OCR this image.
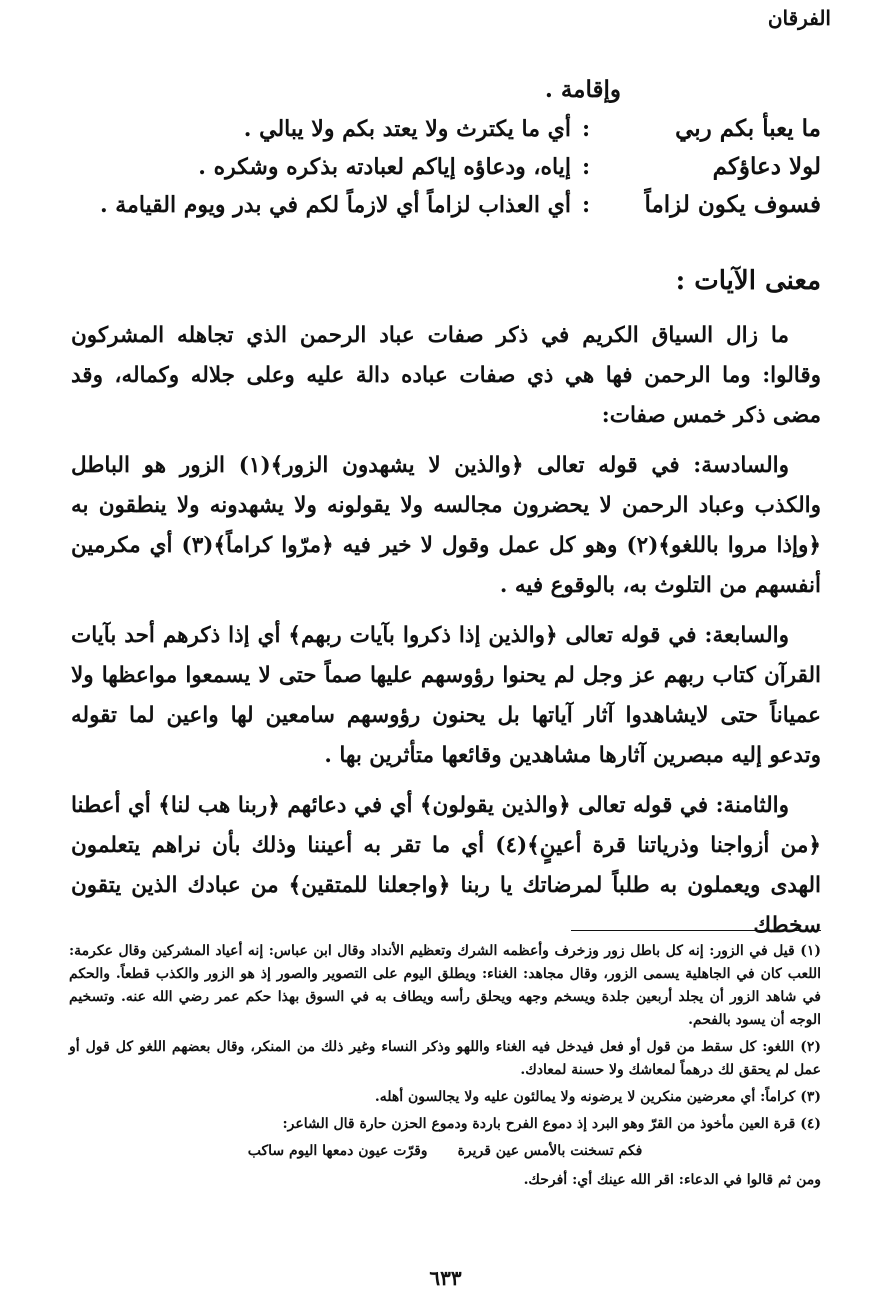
الفرقان
وإقامة .
ما يعبأ بكم ربي
:
أي ما يكترث ولا يعتد بكم ولا يبالي .
لولا دعاؤكم
:
إياه، ودعاؤه إياكم لعبادته بذكره وشكره .
فسوف يكون لزاماً
:
أي العذاب لزاماً أي لازماً لكم في بدر ويوم القيامة .
معنى الآيات :

ما زال السياق الكريم في ذكر صفات عباد الرحمن الذي تجاهله المشركون وقالوا: وما الرحمن فها هي ذي صفات عباده دالة عليه وعلى جلاله وكماله، وقد مضى ذكر خمس صفات:

والسادسة: في قوله تعالى ﴿والذين لا يشهدون الزور﴾(١) الزور هو الباطل والكذب وعباد الرحمن لا يحضرون مجالسه ولا يقولونه ولا يشهدونه ولا ينطقون به ﴿وإذا مروا باللغو﴾(٢) وهو كل عمل وقول لا خير فيه ﴿مرّوا كراماً﴾(٣) أي مكرمين أنفسهم من التلوث به، بالوقوع فيه .

والسابعة: في قوله تعالى ﴿والذين إذا ذكروا بآيات ربهم﴾ أي إذا ذكرهم أحد بآيات القرآن كتاب ربهم عز وجل لم يحنوا رؤوسهم عليها صماً حتى لا يسمعوا مواعظها ولا عمياناً حتى لايشاهدوا آثار آياتها بل يحنون رؤوسهم سامعين لها واعين لما تقوله وتدعو إليه مبصرين آثارها مشاهدين وقائعها متأثرين بها .

والثامنة: في قوله تعالى ﴿والذين يقولون﴾ أي في دعائهم ﴿ربنا هب لنا﴾ أي أعطنا ﴿من أزواجنا وذرياتنا قرة أعينٍ﴾(٤) أي ما تقر به أعيننا وذلك بأن نراهم يتعلمون الهدى ويعملون به طلباً لمرضاتك يا ربنا ﴿واجعلنا للمتقين﴾ من عبادك الذين يتقون سخطك

(١) قيل في الزور: إنه كل باطل زور وزخرف وأعظمه الشرك وتعظيم الأنداد وقال ابن عباس: إنه أعياد المشركين وقال عكرمة: اللعب كان في الجاهلية يسمى الزور، وقال مجاهد: الغناء: ويطلق اليوم على التصوير والصور إذ هو الزور والكذب قطعاً. والحكم في شاهد الزور أن يجلد أربعين جلدة ويسخم وجهه ويحلق رأسه ويطاف به في السوق بهذا حكم عمر رضي الله عنه. وتسخيم الوجه أن يسود بالفحم.

(٢) اللغو: كل سقط من قول أو فعل فيدخل فيه الغناء واللهو وذكر النساء وغير ذلك من المنكر، وقال بعضهم اللغو كل قول أو عمل لم يحقق لك درهماً لمعاشك ولا حسنة لمعادك.

(٣) كراماً: أي معرضين منكرين لا يرضونه ولا يمالئون عليه ولا يجالسون أهله.

(٤) قرة العين مأخوذ من القرّ وهو البرد إذ دموع الفرح باردة ودموع الحزن حارة قال الشاعر:

فكم تسخنت بالأمس عين قريرة
وقرّت عيون دمعها اليوم ساكب

ومن ثم قالوا في الدعاء: اقر الله عينك أي: أفرحك.

٦٣٣
